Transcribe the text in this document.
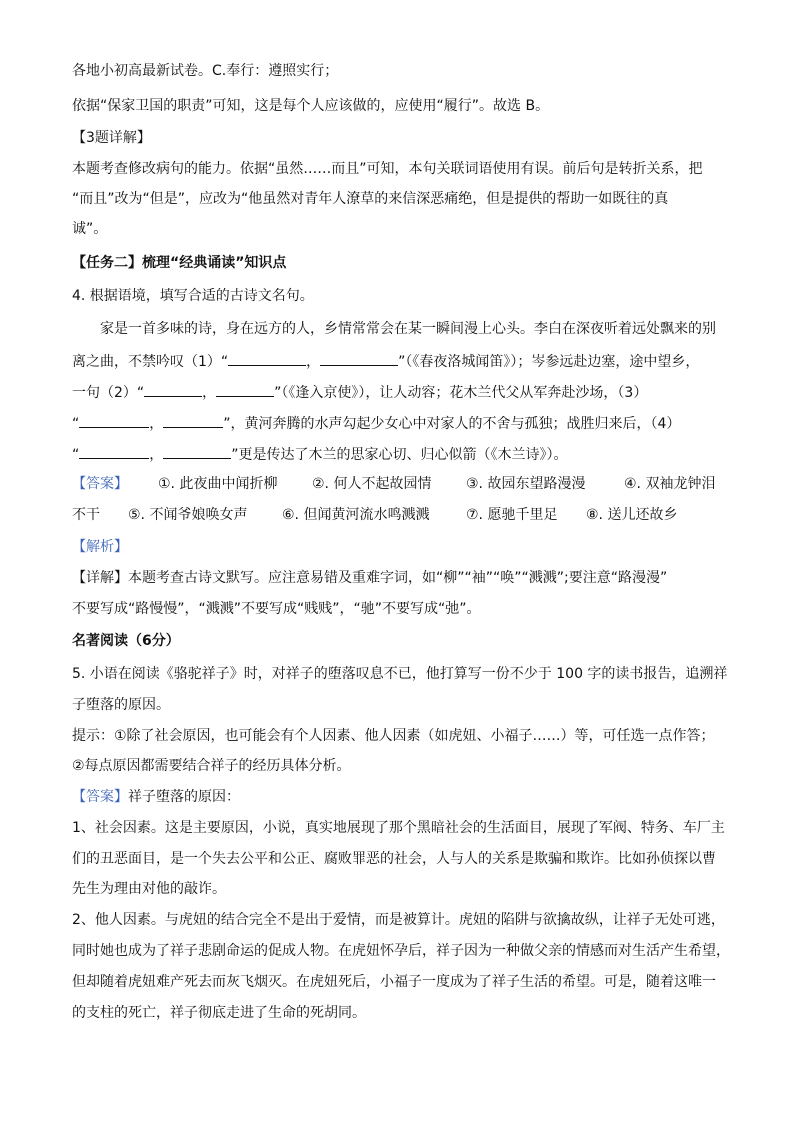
各地小初高最新试卷。C.奉行：遵照实行；
依据“保家卫国的职责”可知，这是每个人应该做的，应使用“履行”。故选 B。
【3题详解】
本题考查修改病句的能力。依据“虽然……而且”可知，本句关联词语使用有误。前后句是转折关系，把
“而且”改为“但是”，应改为“他虽然对青年人潦草的来信深恶痛绝，但是提供的帮助一如既往的真
诚”。
【任务二】梳理“经典诵读”知识点
4. 根据语境，填写合适的古诗文名句。
家是一首多味的诗，身在远方的人，乡情常常会在某一瞬间漫上心头。李白在深夜听着远处飘来的别
离之曲，不禁吟叹（1）“	，	”（《春夜洛城闻笛》）；岑参远赴边塞，途中望乡，
一句（2）“	，	”（《逢入京使》），让人动容；花木兰代父从军奔赴沙场，（3）
“	，	”，黄河奔腾的水声勾起少女心中对家人的不舍与孤独；战胜归来后，（4）
“	，	”更是传达了木兰的思家心切、归心似箭（《木兰诗》）。
【答案】 ①. 此夜曲中闻折柳 ②. 何人不起故园情 ③. 故园东望路漫漫	④. 双袖龙钟泪
不干 ⑤. 不闻爷娘唤女声 ⑥. 但闻黄河流水鸣溅溅	⑦. 愿驰千里足 ⑧. 送儿还故乡
【解析】
【详解】本题考查古诗文默写。应注意易错及重难字词，如“柳”“袖”“唤”“溅溅”;要注意“路漫漫”
不要写成“路慢慢”，“溅溅”不要写成“贱贱”，“驰”不要写成“弛”。
名著阅读（6分）
5. 小语在阅读《骆驼祥子》时，对祥子的堕落叹息不已，他打算写一份不少于 100 字的读书报告，追溯祥
子堕落的原因。
提示：①除了社会原因，也可能会有个人因素、他人因素（如虎妞、小福子……）等，可任选一点作答；
②每点原因都需要结合祥子的经历具体分析。
【答案】祥子堕落的原因：
1、社会因素。这是主要原因，小说，真实地展现了那个黑暗社会的生活面目，展现了军阀、特务、车厂主
们的丑恶面目，是一个失去公平和公正、腐败罪恶的社会，人与人的关系是欺骗和欺诈。比如孙侦探以曹
先生为理由对他的敲诈。
2、他人因素。与虎妞的结合完全不是出于爱情，而是被算计。虎妞的陷阱与欲擒故纵，让祥子无处可逃，
同时她也成为了祥子悲剧命运的促成人物。在虎妞怀孕后，祥子因为一种做父亲的情感而对生活产生希望，
但却随着虎妞难产死去而灰飞烟灭。在虎妞死后，小福子一度成为了祥子生活的希望。可是，随着这唯一
的支柱的死亡，祥子彻底走进了生命的死胡同。
